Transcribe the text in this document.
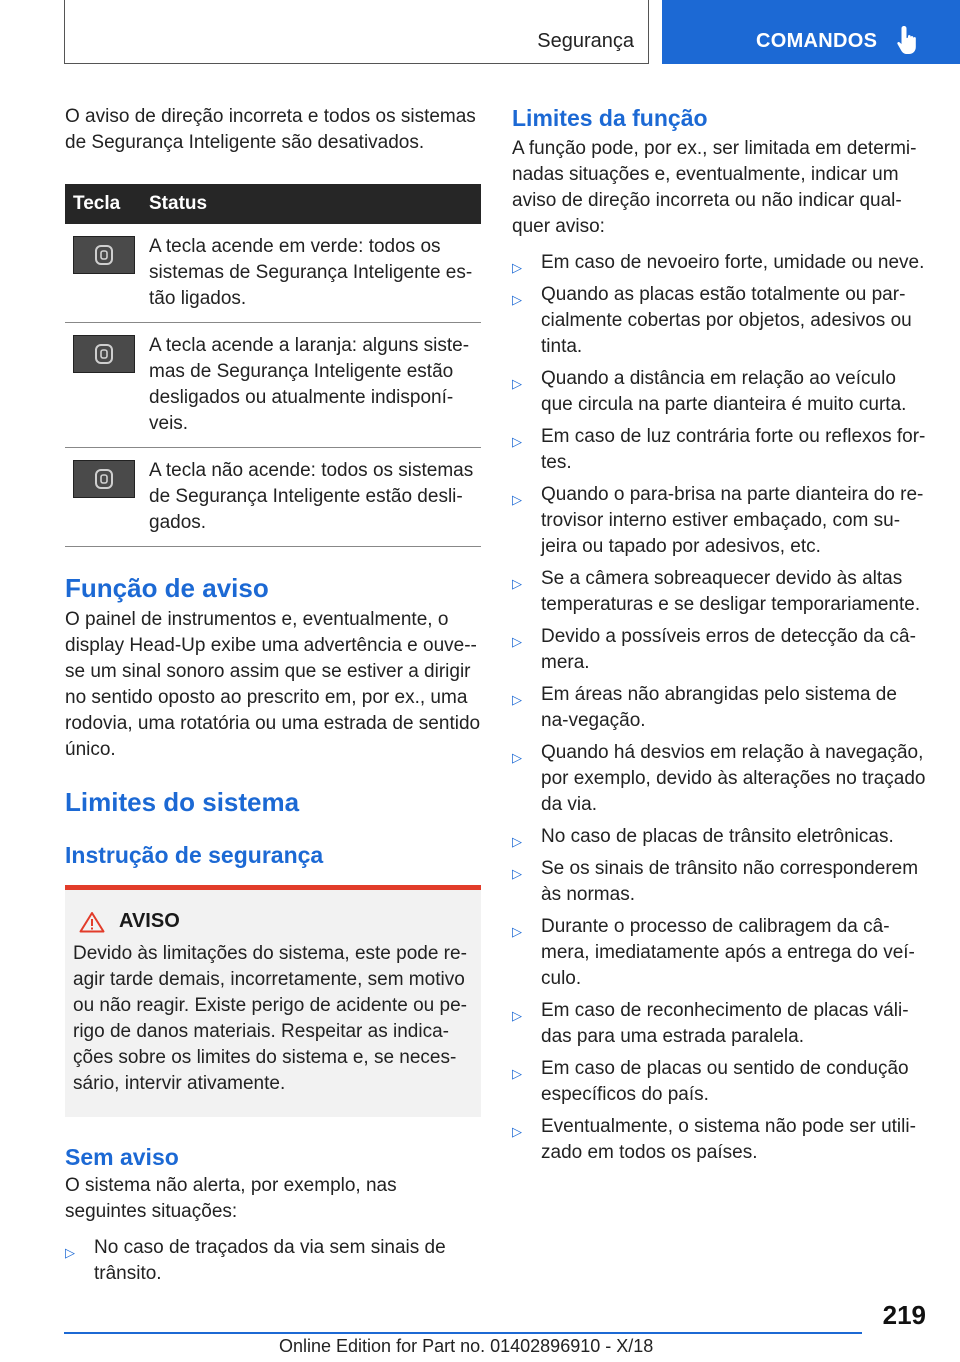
Segurança	COMANDOS

O aviso de direção incorreta e todos os sistemas de Segurança Inteligente são desativados.

Tecla	Status
A tecla acende em verde: todos os sistemas de Segurança Inteligente es-tão ligados.
A tecla acende a laranja: alguns siste-mas de Segurança Inteligente estão desligados ou atualmente indisponí-veis.
A tecla não acende: todos os sistemas de Segurança Inteligente estão desli-gados.
Função de aviso

O painel de instrumentos e, eventualmente, o display Head-Up exibe uma advertência e ouve--se um sinal sonoro assim que se estiver a dirigir no sentido oposto ao prescrito em, por ex., uma rodovia, uma rotatória ou uma estrada de sentido único.

Limites do sistema
Instrução de segurança
AVISO

Devido às limitações do sistema, este pode re-agir tarde demais, incorretamente, sem motivo ou não reagir. Existe perigo de acidente ou pe-rigo de danos materiais. Respeitar as indica-ções sobre os limites do sistema e, se neces-sário, intervir ativamente.

Sem aviso

O sistema não alerta, por exemplo, nas seguintes situações:

▷ No caso de traçados da via sem sinais de trânsito.
Limites da função

A função pode, por ex., ser limitada em determi-nadas situações e, eventualmente, indicar um aviso de direção incorreta ou não indicar qual-quer aviso:

▷ Em caso de nevoeiro forte, umidade ou neve.
▷ Quando as placas estão totalmente ou par-cialmente cobertas por objetos, adesivos ou tinta.
▷ Quando a distância em relação ao veículo que circula na parte dianteira é muito curta.
▷ Em caso de luz contrária forte ou reflexos for-tes.
▷ Quando o para-brisa na parte dianteira do re-trovisor interno estiver embaçado, com su-jeira ou tapado por adesivos, etc.
▷ Se a câmera sobreaquecer devido às altas temperaturas e se desligar temporariamente.
▷ Devido a possíveis erros de detecção da câ-mera.
▷ Em áreas não abrangidas pelo sistema de na-vegação.
▷ Quando há desvios em relação à navegação, por exemplo, devido às alterações no traçado da via.
▷ No caso de placas de trânsito eletrônicas.
▷ Se os sinais de trânsito não corresponderem às normas.
▷ Durante o processo de calibragem da câ-mera, imediatamente após a entrega do veí-culo.
▷ Em caso de reconhecimento de placas váli-das para uma estrada paralela.
▷ Em caso de placas ou sentido de condução específicos do país.
▷ Eventualmente, o sistema não pode ser utili-zado em todos os países.
219
Online Edition for Part no. 01402896910 - X/18
